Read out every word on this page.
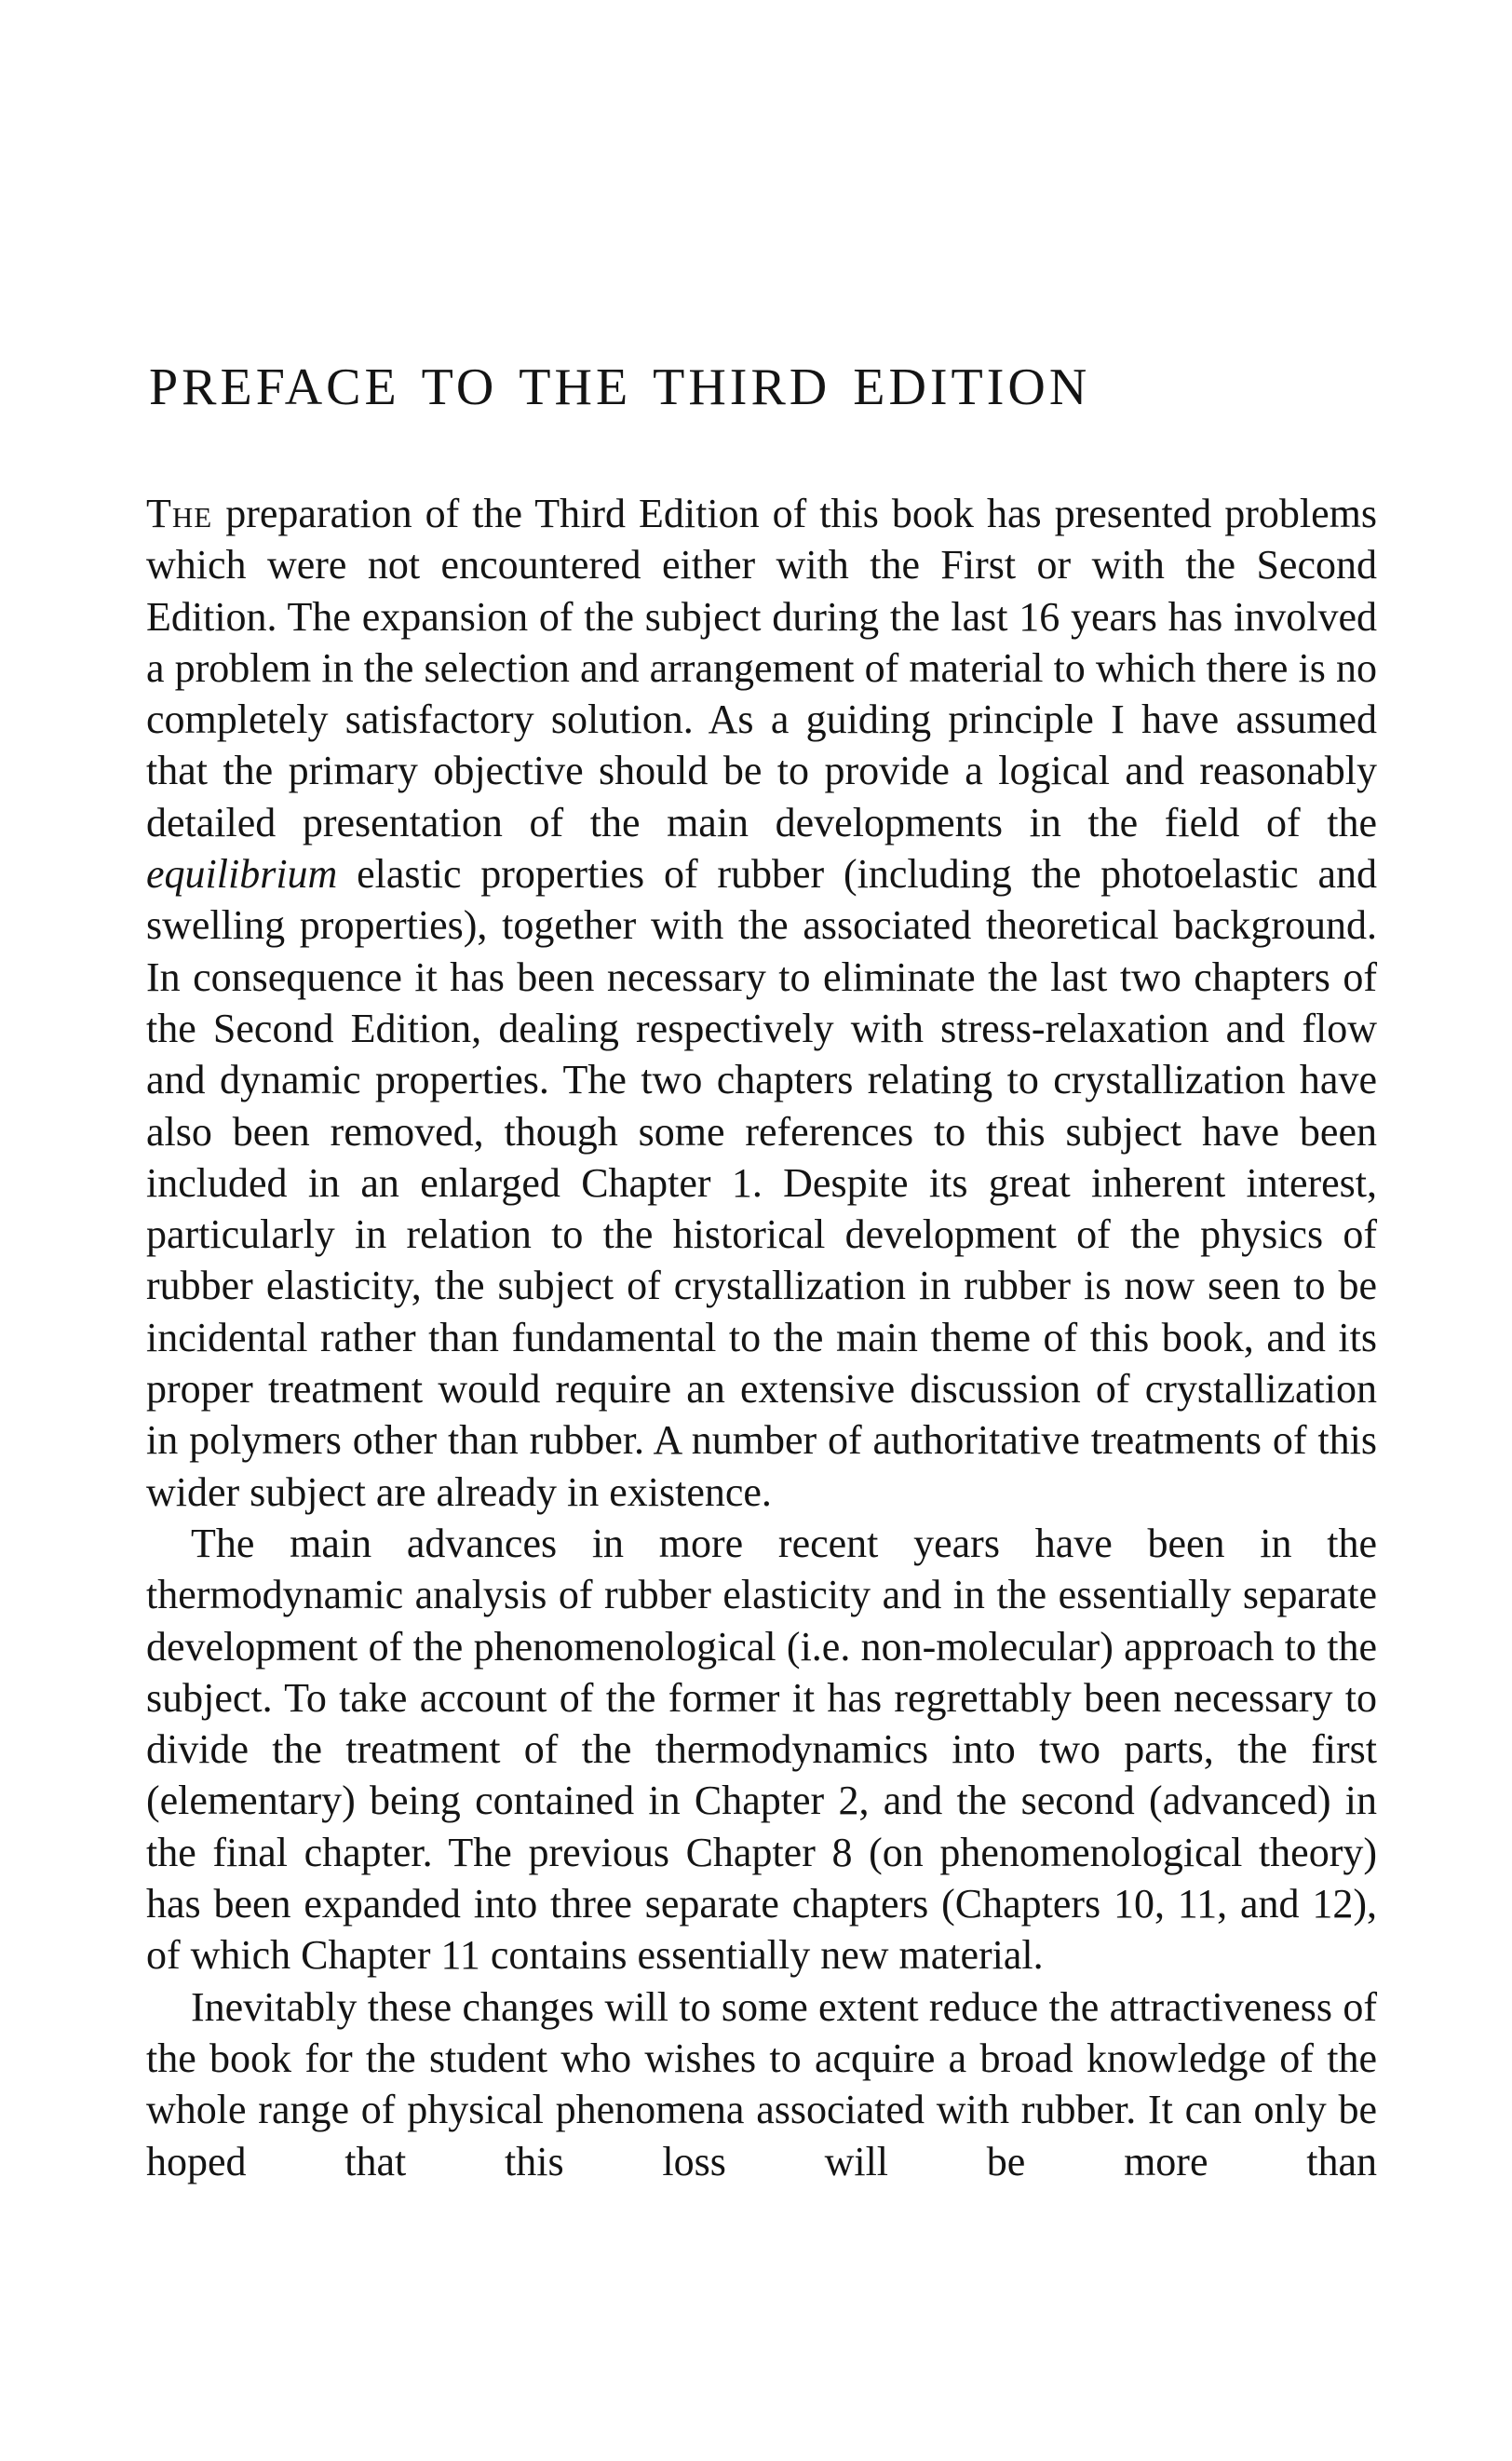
PREFACE TO THE THIRD EDITION

The preparation of the Third Edition of this book has presented problems which were not encountered either with the First or with the Second Edition. The expansion of the subject during the last 16 years has involved a problem in the selection and arrangement of material to which there is no completely satisfactory solution. As a guiding principle I have assumed that the primary objective should be to provide a logical and reasonably detailed presentation of the main developments in the field of the equilibrium elastic properties of rubber (including the photoelastic and swelling properties), together with the associated theoretical background. In consequence it has been necessary to eliminate the last two chapters of the Second Edition, dealing respectively with stress-relaxation and flow and dynamic properties. The two chapters relating to crystallization have also been removed, though some references to this subject have been included in an enlarged Chapter 1. Despite its great inherent interest, particularly in relation to the historical development of the physics of rubber elasticity, the subject of crystallization in rubber is now seen to be incidental rather than fundamental to the main theme of this book, and its proper treatment would require an extensive discussion of crystallization in polymers other than rubber. A number of authoritative treatments of this wider subject are already in existence.

The main advances in more recent years have been in the thermodynamic analysis of rubber elasticity and in the essentially separate development of the phenomenological (i.e. non-molecular) approach to the subject. To take account of the former it has regrettably been necessary to divide the treatment of the thermodynamics into two parts, the first (elementary) being contained in Chapter 2, and the second (advanced) in the final chapter. The previous Chapter 8 (on phenomenological theory) has been expanded into three separate chapters (Chapters 10, 11, and 12), of which Chapter 11 contains essentially new material.

Inevitably these changes will to some extent reduce the attractiveness of the book for the student who wishes to acquire a broad knowledge of the whole range of physical phenomena associated with rubber. It can only be hoped that this loss will be more than
